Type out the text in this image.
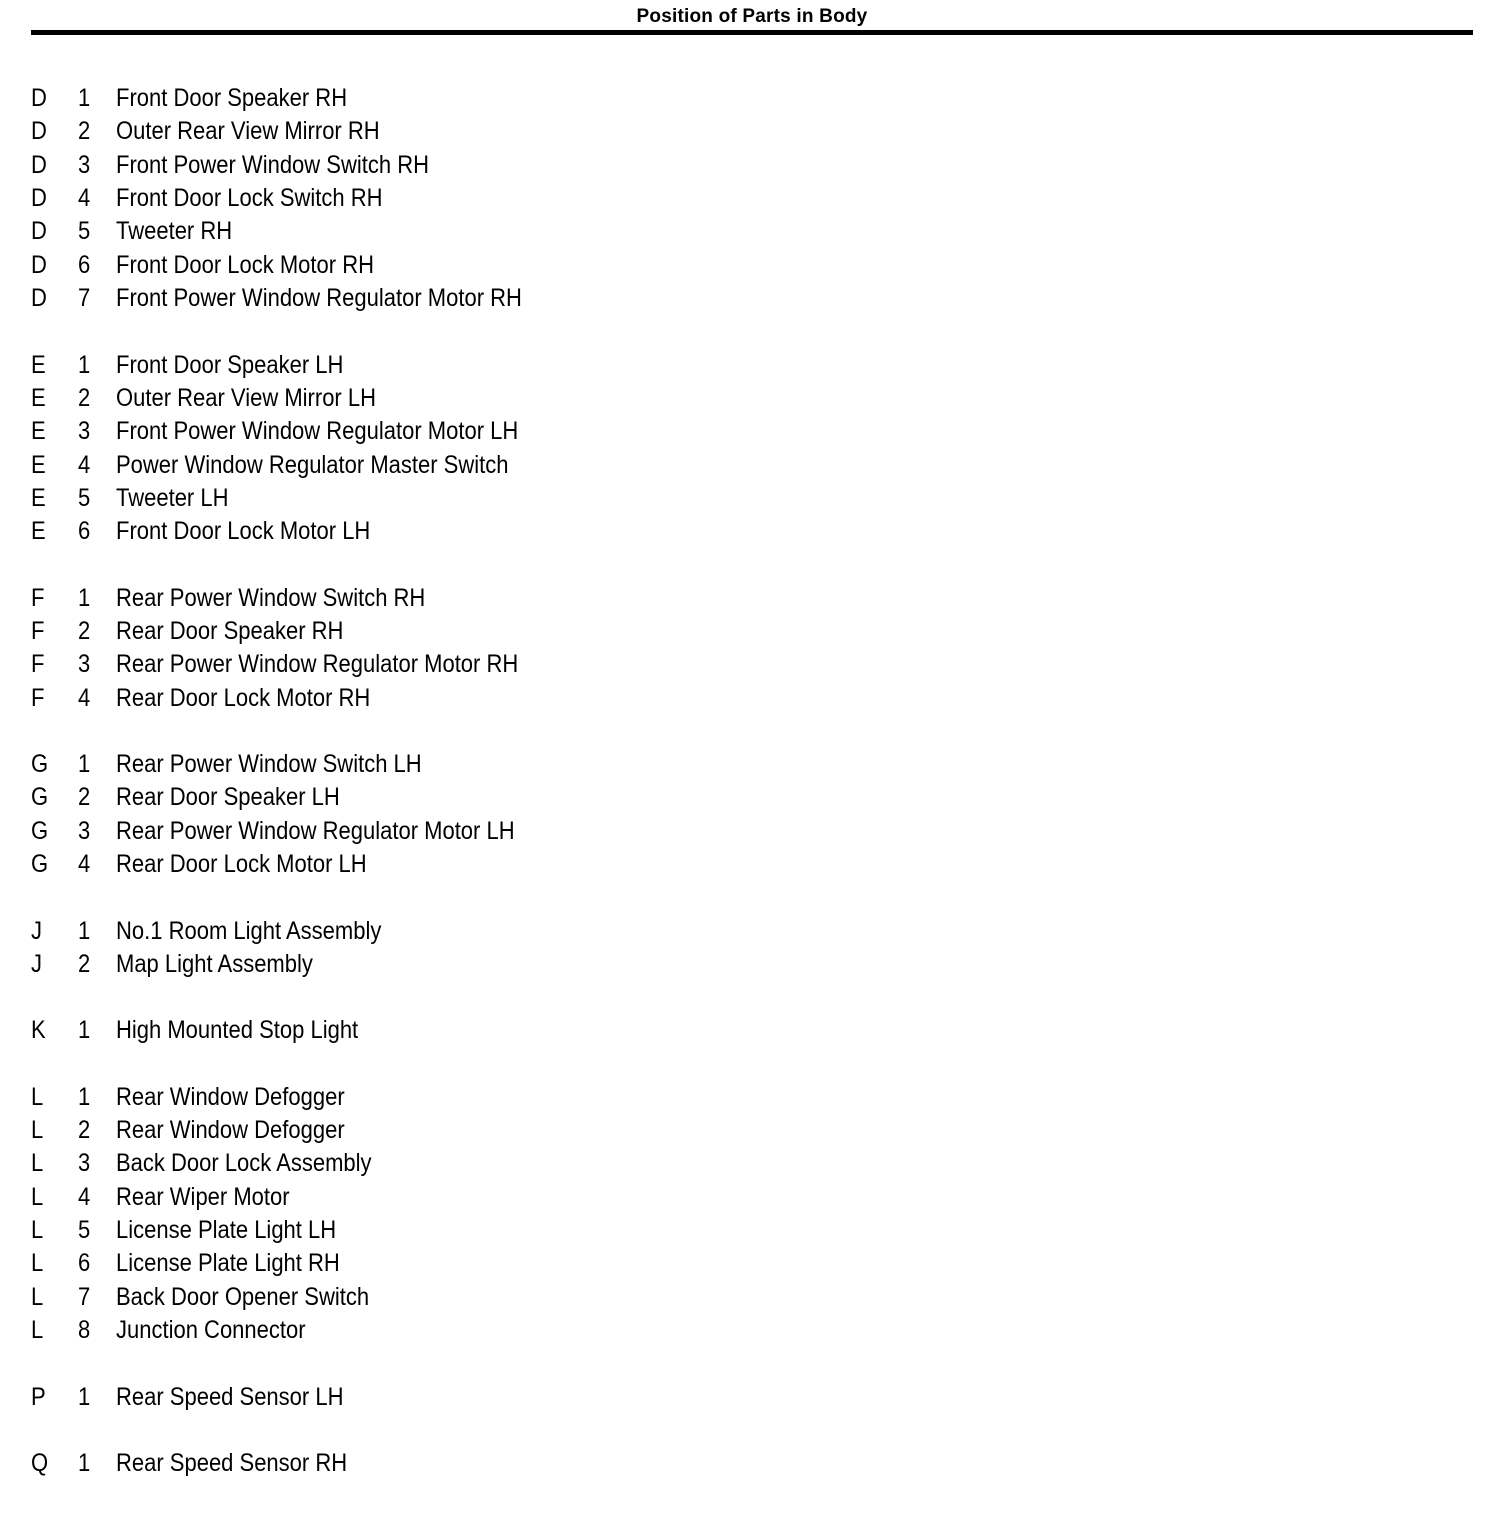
Position of Parts in Body
D 1 Front Door Speaker RH
D 2 Outer Rear View Mirror RH
D 3 Front Power Window Switch RH
D 4 Front Door Lock Switch RH
D 5 Tweeter RH
D 6 Front Door Lock Motor RH
D 7 Front Power Window Regulator Motor RH
E 1 Front Door Speaker LH
E 2 Outer Rear View Mirror LH
E 3 Front Power Window Regulator Motor LH
E 4 Power Window Regulator Master Switch
E 5 Tweeter LH
E 6 Front Door Lock Motor LH
F 1 Rear Power Window Switch RH
F 2 Rear Door Speaker RH
F 3 Rear Power Window Regulator Motor RH
F 4 Rear Door Lock Motor RH
G 1 Rear Power Window Switch LH
G 2 Rear Door Speaker LH
G 3 Rear Power Window Regulator Motor LH
G 4 Rear Door Lock Motor LH
J 1 No.1 Room Light Assembly
J 2 Map Light Assembly
K 1 High Mounted Stop Light
L 1 Rear Window Defogger
L 2 Rear Window Defogger
L 3 Back Door Lock Assembly
L 4 Rear Wiper Motor
L 5 License Plate Light LH
L 6 License Plate Light RH
L 7 Back Door Opener Switch
L 8 Junction Connector
P 1 Rear Speed Sensor LH
Q 1 Rear Speed Sensor RH
